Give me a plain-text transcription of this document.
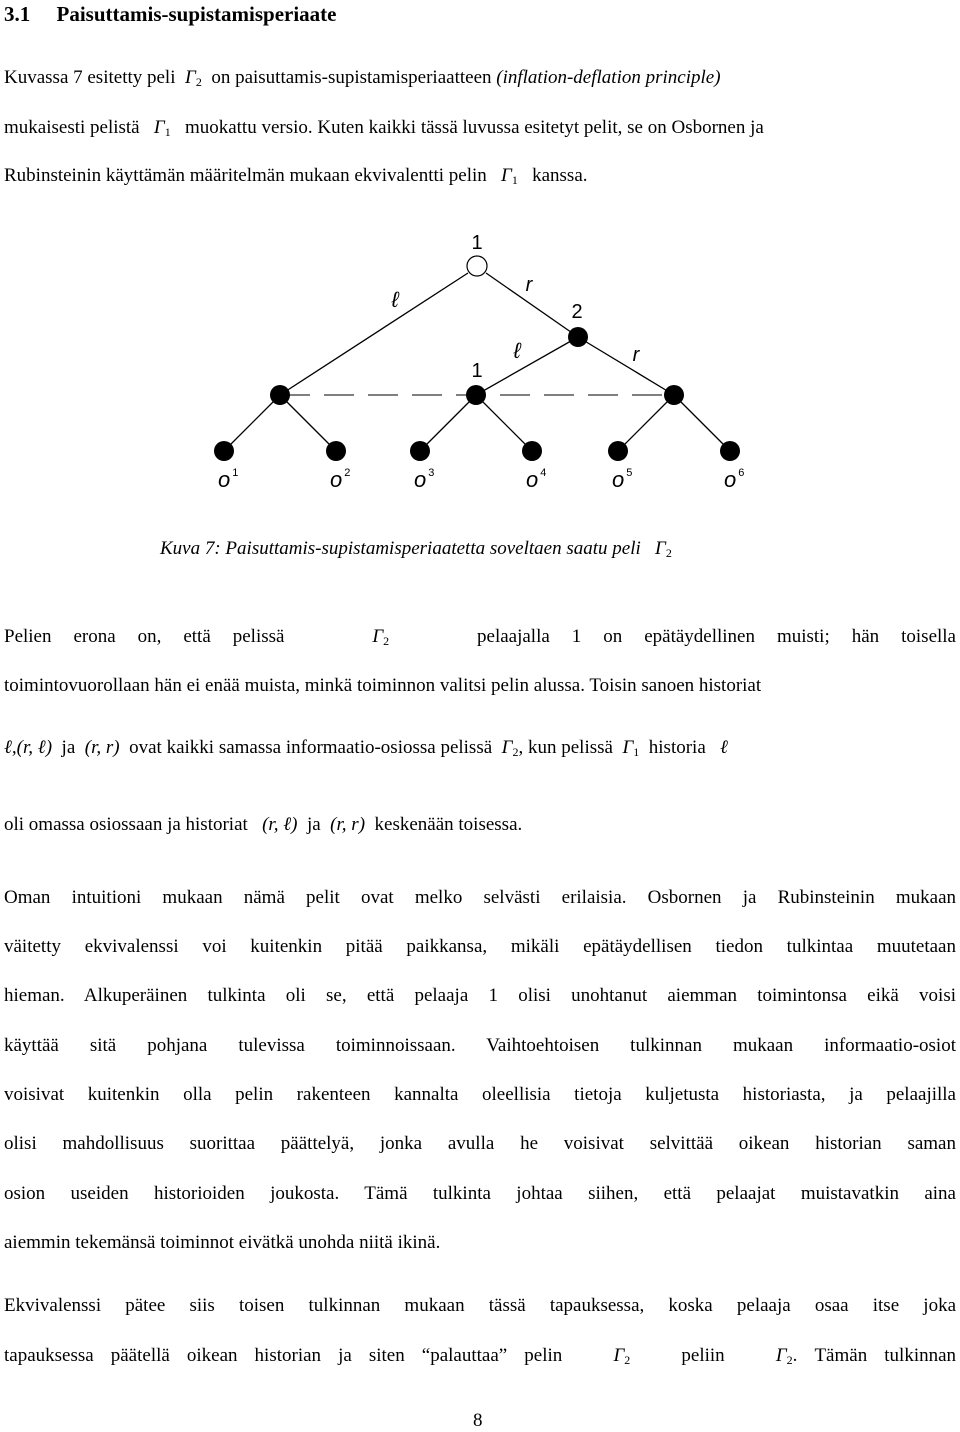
3.1 Paisuttamis-supistamisperiaate
Kuvassa 7 esitetty peli $\Gamma_2$ on paisuttamis-supistamisperiaatteen (inflation-deflation principle)
mukaisesti pelistä $\Gamma_1$ muokattu versio. Kuten kaikki tässä luvussa esitetyt pelit, se on Osbornen ja
Rubinsteinin käyttämän määritelmän mukaan ekvivalentti pelin $\Gamma_1$ kanssa.
1
2
1
ℓ
r
ℓ	r
o $^1$	o $^2$	o $^3$	o $^4$	o $^5$	o $^6$
Kuva 7: Paisuttamis-supistamisperiaatetta soveltaen saatu peli $\Gamma_2$
Pelien erona on, että pelissä	$\Gamma_2$	pelaajalla 1 on epätäydellinen muisti; hän toisella
toimintovuorollaan hän ei enää muista, minkä toiminnon valitsi pelin alussa. Toisin sanoen historiat
ℓ,(r, ℓ) ja (r, r) ovat kaikki samassa informaatio-osiossa pelissä $\Gamma_2$, kun pelissä $\Gamma_1$ historia ℓ
oli omassa osiossaan ja historiat (r, ℓ) ja (r, r) keskenään toisessa.
Oman intuitioni mukaan nämä pelit ovat melko selvästi erilaisia. Osbornen ja Rubinsteinin mukaan
väitetty ekvivalenssi voi kuitenkin pitää paikkansa, mikäli epätäydellisen tiedon tulkintaa muutetaan
hieman. Alkuperäinen tulkinta oli se, että pelaaja 1 olisi unohtanut aiemman toimintonsa eikä voisi
käyttää sitä pohjana tulevissa toiminnoissaan. Vaihtoehtoisen tulkinnan mukaan informaatio-osiot
voisivat kuitenkin olla pelin rakenteen kannalta oleellisia tietoja kuljetusta historiasta, ja pelaajilla
olisi mahdollisuus suorittaa päättelyä, jonka avulla he voisivat selvittää oikean historian saman
osion useiden historioiden joukosta. Tämä tulkinta johtaa siihen, että pelaajat muistavatkin aina
aiemmin tekemänsä toiminnot eivätkä unohda niitä ikinä.
Ekvivalenssi pätee siis toisen tulkinnan mukaan tässä tapauksessa, koska pelaaja osaa itse joka
tapauksessa päätellä oikean historian ja siten “palauttaa” pelin	$\Gamma_2$	peliin	$\Gamma_2$. Tämän tulkinnan
8
